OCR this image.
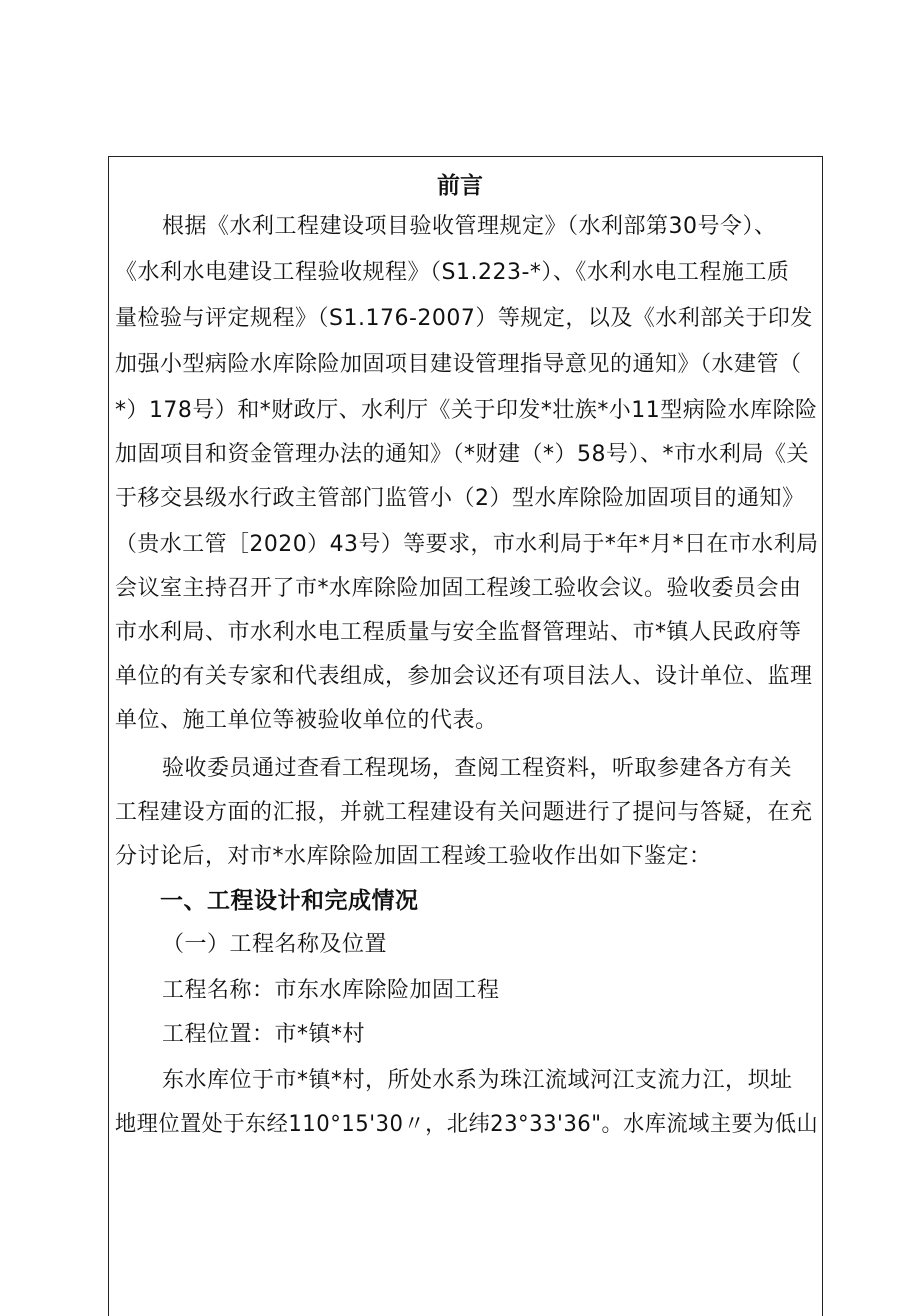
前言
根据《水利工程建设项目验收管理规定》（水利部第30号令）、
《水利水电建设工程验收规程》（S1.223-*）、《水利水电工程施工质
量检验与评定规程》（S1.176-2007）等规定，以及《水利部关于印发
加强小型病险水库除险加固项目建设管理指导意见的通知》（水建管（
*）178号）和*财政厅、水利厅《关于印发*壮族*小11型病险水库除险
加固项目和资金管理办法的通知》（*财建（*）58号）、*市水利局《关
于移交县级水行政主管部门监管小（2）型水库除险加固项目的通知》
（贵水工管［2020）43号）等要求，市水利局于*年*月*日在市水利局
会议室主持召开了市*水库除险加固工程竣工验收会议。验收委员会由
市水利局、市水利水电工程质量与安全监督管理站、市*镇人民政府等
单位的有关专家和代表组成，参加会议还有项目法人、设计单位、监理
单位、施工单位等被验收单位的代表。
验收委员通过查看工程现场，查阅工程资料，听取参建各方有关
工程建设方面的汇报，并就工程建设有关问题进行了提问与答疑，在充
分讨论后，对市*水库除险加固工程竣工验收作出如下鉴定：
一、工程设计和完成情况
（一）工程名称及位置
工程名称：市东水库除险加固工程
工程位置：市*镇*村
东水库位于市*镇*村，所处水系为珠江流域河江支流力江，坝址
地理位置处于东经110°15'30〃，北纬23°33'36"。水库流域主要为低山
